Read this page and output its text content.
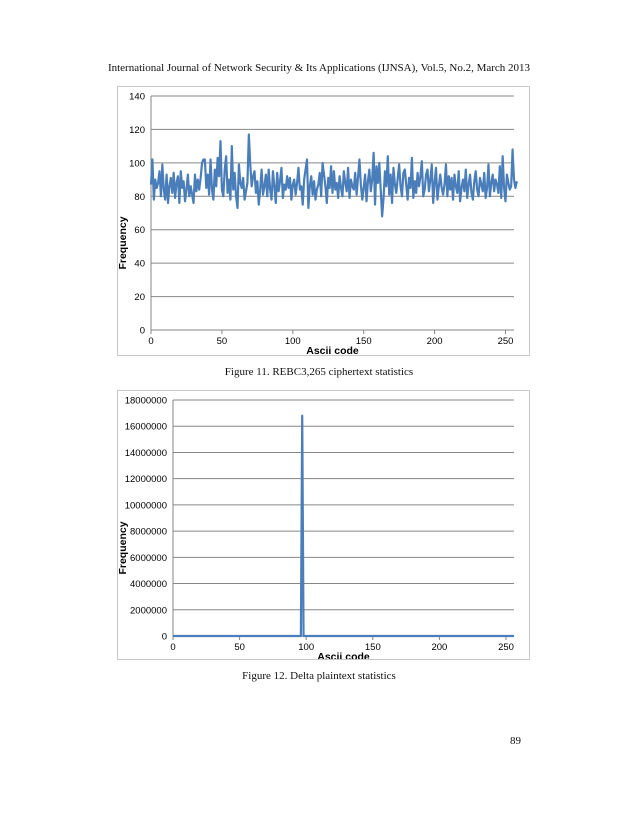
International Journal of Network Security & Its Applications (IJNSA), Vol.5, No.2, March 2013
0
20
40
60
80
100
120
140
0	50	100	150	200	250
Ascii code
Frequency
Figure 11. REBC3,265 ciphertext statistics
0
2000000
4000000
6000000
8000000
10000000
12000000
14000000
16000000
18000000
0	50	100	150	200	250
Ascii code
Frequency
Figure 12. Delta plaintext statistics
89
